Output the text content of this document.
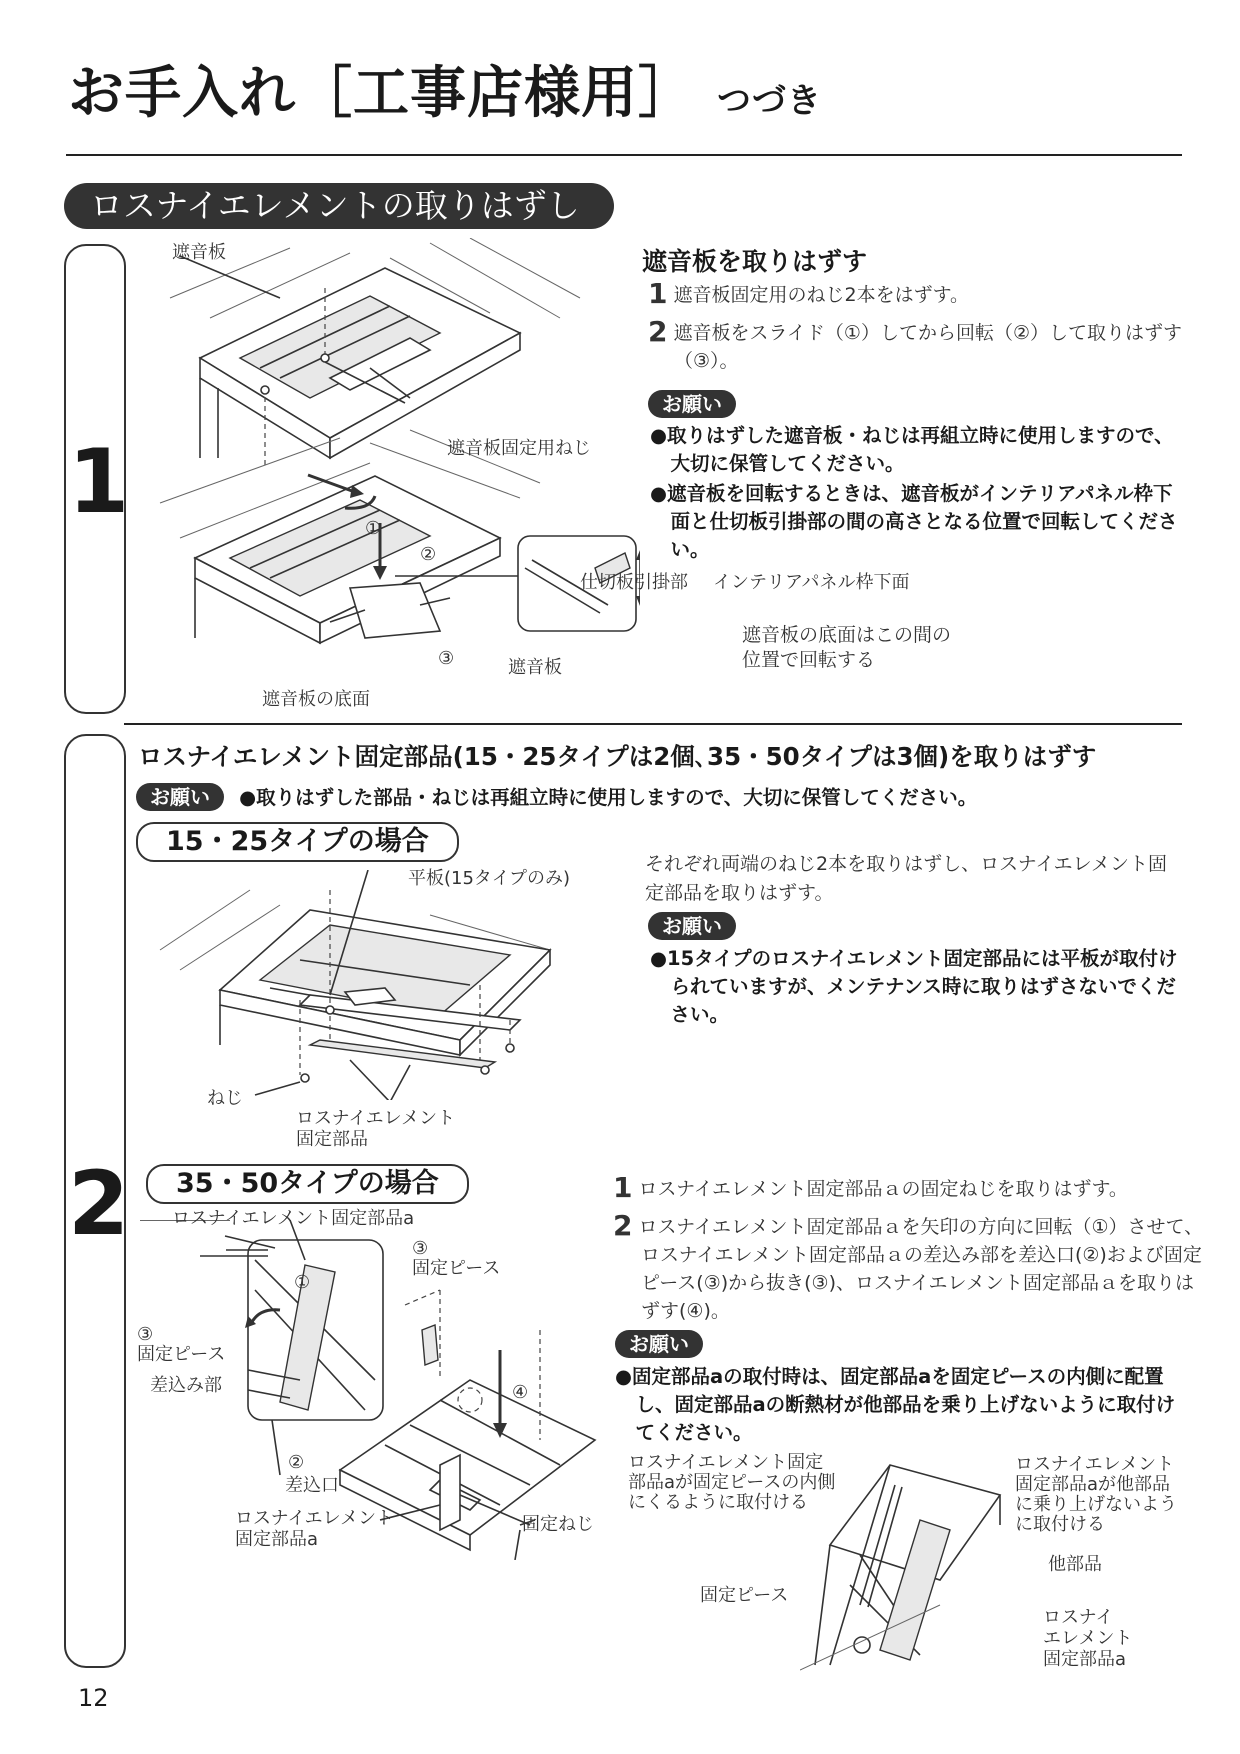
お手入れ［工事店様用］ つづき
ロスナイエレメントの取りはずし
1
遮音板
遮音板固定用ねじ
①
②
③
遮音板の底面
遮音板
仕切板引掛部 インテリアパネル枠下面
遮音板の底面はこの間の
位置で回転する
遮音板を取りはずす
1 遮音板固定用のねじ2本をはずす。
2 遮音板をスライド（①）してから回転（②）して取りはずす（③）。
お願い
● 取りはずした遮音板・ねじは再組立時に使用しますので、大切に保管してください。
● 遮音板を回転するときは、遮音板がインテリアパネル枠下面と仕切板引掛部の間の高さとなる位置で回転してください。
2
ロスナイエレメント固定部品(15・25タイプは2個､35・50タイプは3個)を取りはずす
お願い ●取りはずした部品・ねじは再組立時に使用しますので、大切に保管してください。
15・25タイプの場合
平板(15タイプのみ)
ねじ
ロスナイエレメント
固定部品
それぞれ両端のねじ2本を取りはずし、ロスナイエレメント固定部品を取りはずす。
お願い
● 15タイプのロスナイエレメント固定部品には平板が取付けられていますが、メンテナンス時に取りはずさないでください。
35・50タイプの場合
ロスナイエレメント固定部品a
①
③
固定ピース
③
固定ピース
差込み部	④
②
差込口
ロスナイエレメント
固定部品a
固定ねじ
1 ロスナイエレメント固定部品ａの固定ねじを取りはずす。
2 ロスナイエレメント固定部品ａを矢印の方向に回転（①）させて、ロスナイエレメント固定部品ａの差込み部を差込口(②)および固定ピース(③)から抜き(③)、ロスナイエレメント固定部品ａを取りはずす(④)。
お願い
● 固定部品aの取付時は、固定部品aを固定ピースの内側に配置し、固定部品aの断熱材が他部品を乗り上げないように取付けてください。
ロスナイエレメント固定
部品aが固定ピースの内側
にくるように取付ける
固定ピース
ロスナイエレメント
固定部品aが他部品
に乗り上げないよう
に取付ける
他部品
ロスナイ
エレメント
固定部品a
12
